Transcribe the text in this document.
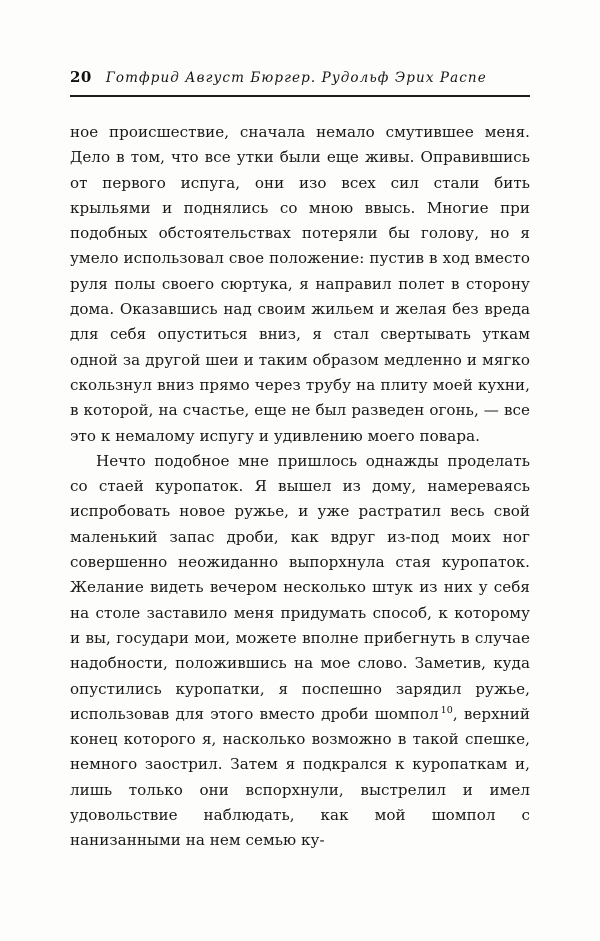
20 Готфрид Август Бюргер. Рудольф Эрих Распе

ное происшествие, сначала немало смутившее меня. Дело в том, что все утки были еще живы. Оправившись от первого испуга, они изо всех сил стали бить крыльями и поднялись со мною ввысь. Многие при подобных обстоятельствах потеряли бы голову, но я умело использовал свое положение: пустив в ход вместо руля полы своего сюртука, я направил полет в сторону дома. Оказавшись над своим жильем и желая без вреда для себя опуститься вниз, я стал свертывать уткам одной за другой шеи и таким образом медленно и мягко скользнул вниз прямо через трубу на плиту моей кухни, в которой, на счастье, еще не был разведен огонь, — все это к немалому испугу и удивлению моего повара.

Нечто подобное мне пришлось однажды проделать со стаей куропаток. Я вышел из дому, намереваясь испробовать новое ружье, и уже растратил весь свой маленький запас дроби, как вдруг из-под моих ног совершенно неожиданно выпорхнула стая куропаток. Желание видеть вечером несколько штук из них у себя на столе заставило меня придумать способ, к которому и вы, государи мои, можете вполне прибегнуть в случае надобности, положившись на мое слово. Заметив, куда опустились куропатки, я поспешно зарядил ружье, использовав для этого вместо дроби шомпол $^{10}$, верхний конец которого я, насколько возможно в такой спешке, немного заострил. Затем я подкрался к куропаткам и, лишь только они вспорхнули, выстрелил и имел удовольствие наблюдать, как мой шомпол с нанизанными на нем семью ку-
